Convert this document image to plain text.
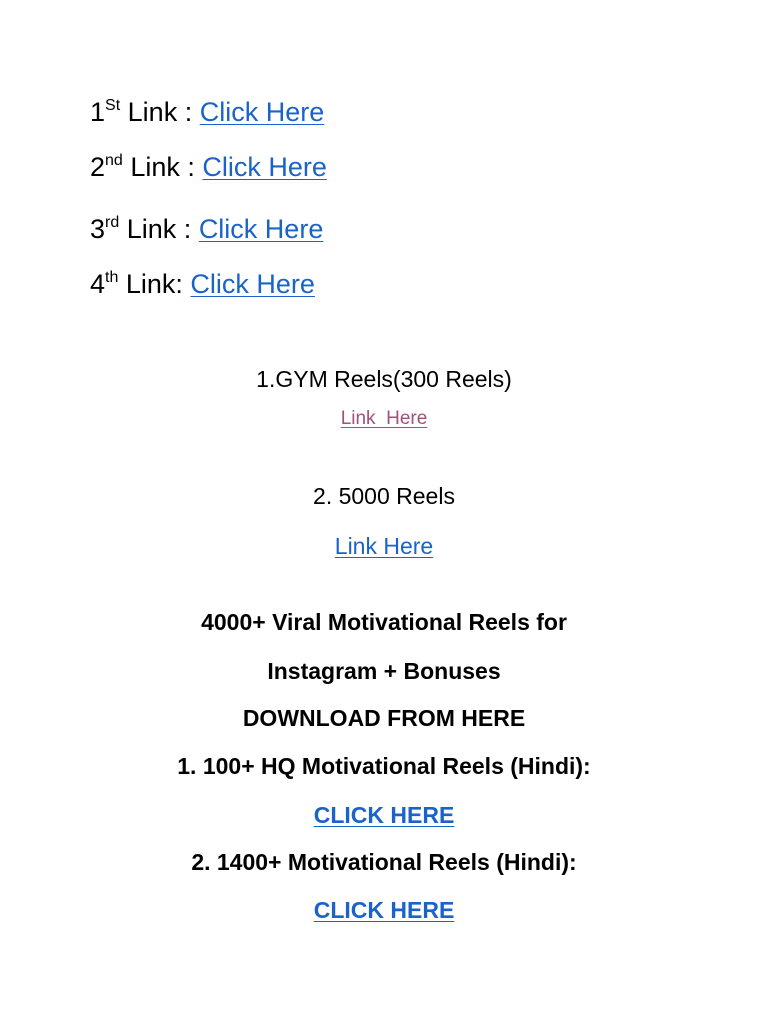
1St Link : Click Here
2nd Link : Click Here
3rd Link : Click Here
4th Link: Click Here
1.GYM Reels(300 Reels)
Link  Here
2. 5000 Reels
Link Here
4000+ Viral Motivational Reels for
Instagram + Bonuses
DOWNLOAD FROM HERE
1. 100+ HQ Motivational Reels (Hindi):
CLICK HERE
2. 1400+ Motivational Reels (Hindi):
CLICK HERE
